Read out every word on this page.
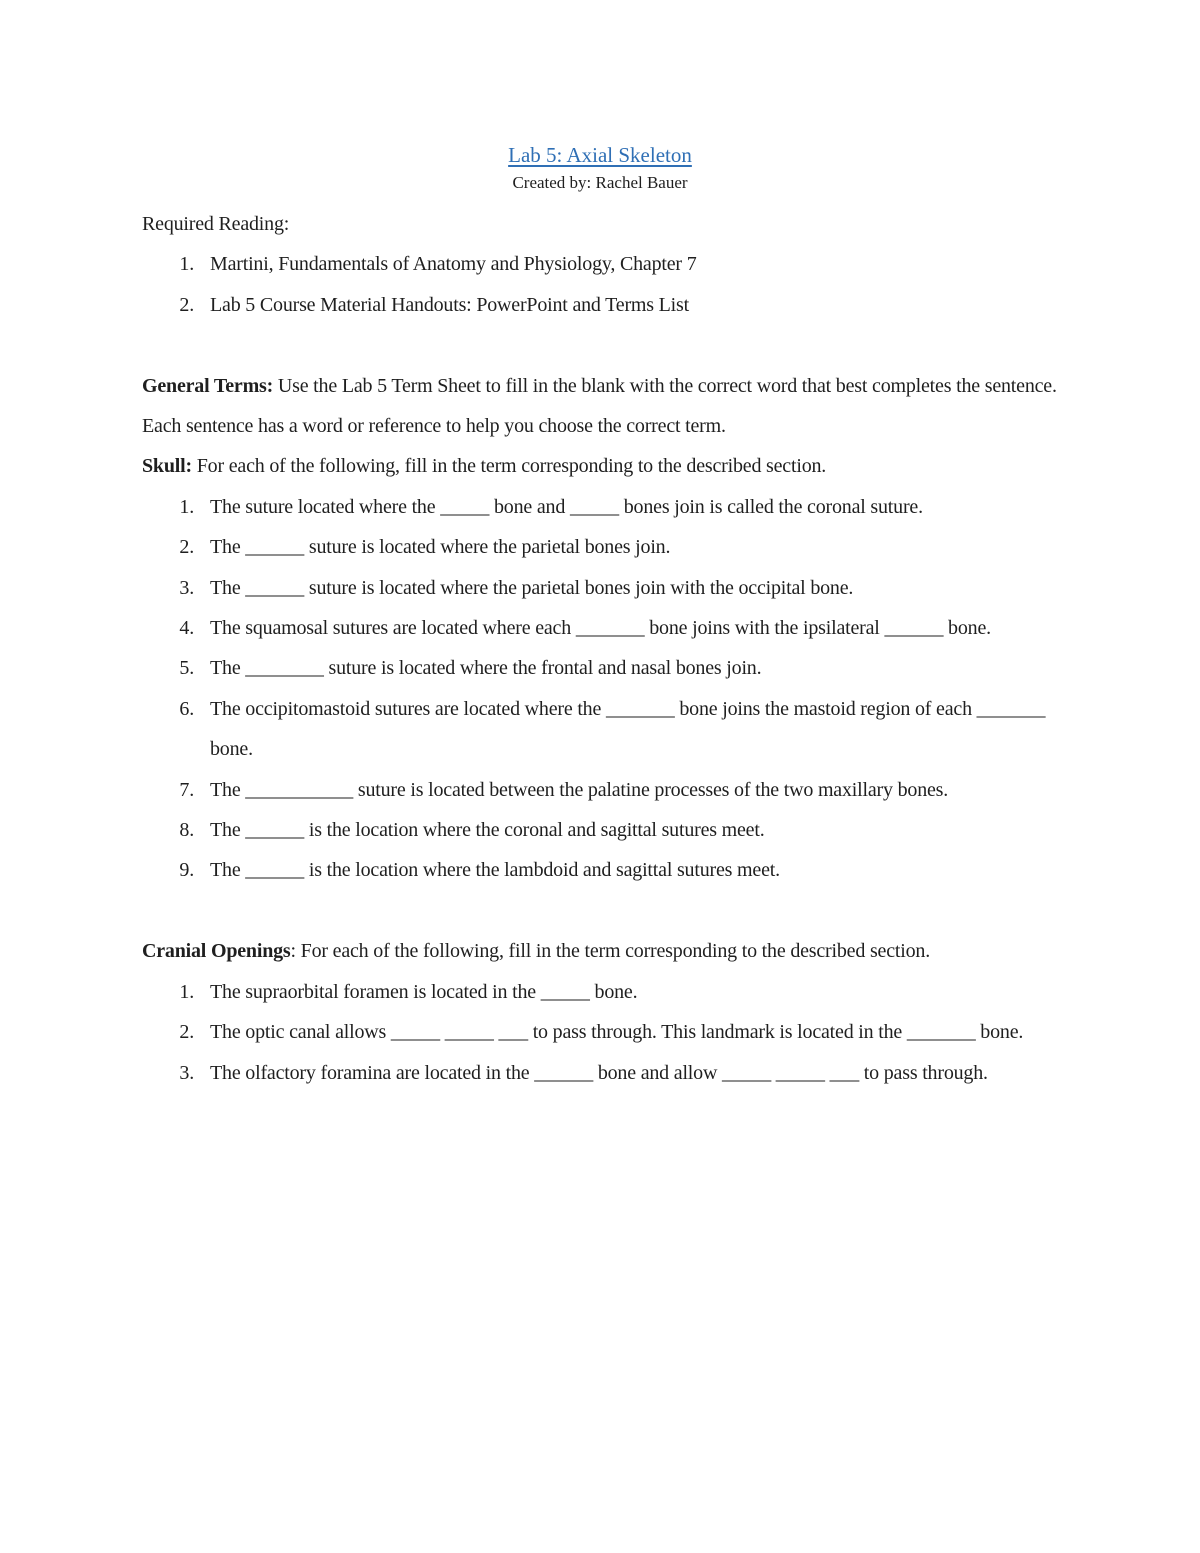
Lab 5: Axial Skeleton
Created by: Rachel Bauer

Required Reading:

1. Martini, Fundamentals of Anatomy and Physiology, Chapter 7
2. Lab 5 Course Material Handouts: PowerPoint and Terms List

General Terms: Use the Lab 5 Term Sheet to fill in the blank with the correct word that best completes the sentence. Each sentence has a word or reference to help you choose the correct term.

Skull: For each of the following, fill in the term corresponding to the described section.

1. The suture located where the _____ bone and _____ bones join is called the coronal suture.
2. The ______ suture is located where the parietal bones join.
3. The ______ suture is located where the parietal bones join with the occipital bone.
4. The squamosal sutures are located where each _______ bone joins with the ipsilateral ______ bone.
5. The ________ suture is located where the frontal and nasal bones join.
6. The occipitomastoid sutures are located where the _______ bone joins the mastoid region of each _______ bone.
7. The ___________ suture is located between the palatine processes of the two maxillary bones.
8. The ______ is the location where the coronal and sagittal sutures meet.
9. The ______ is the location where the lambdoid and sagittal sutures meet.

Cranial Openings: For each of the following, fill in the term corresponding to the described section.

1. The supraorbital foramen is located in the _____ bone.
2. The optic canal allows _____ _____ ___ to pass through. This landmark is located in the _______ bone.
3. The olfactory foramina are located in the ______ bone and allow _____ _____ ___ to pass through.
